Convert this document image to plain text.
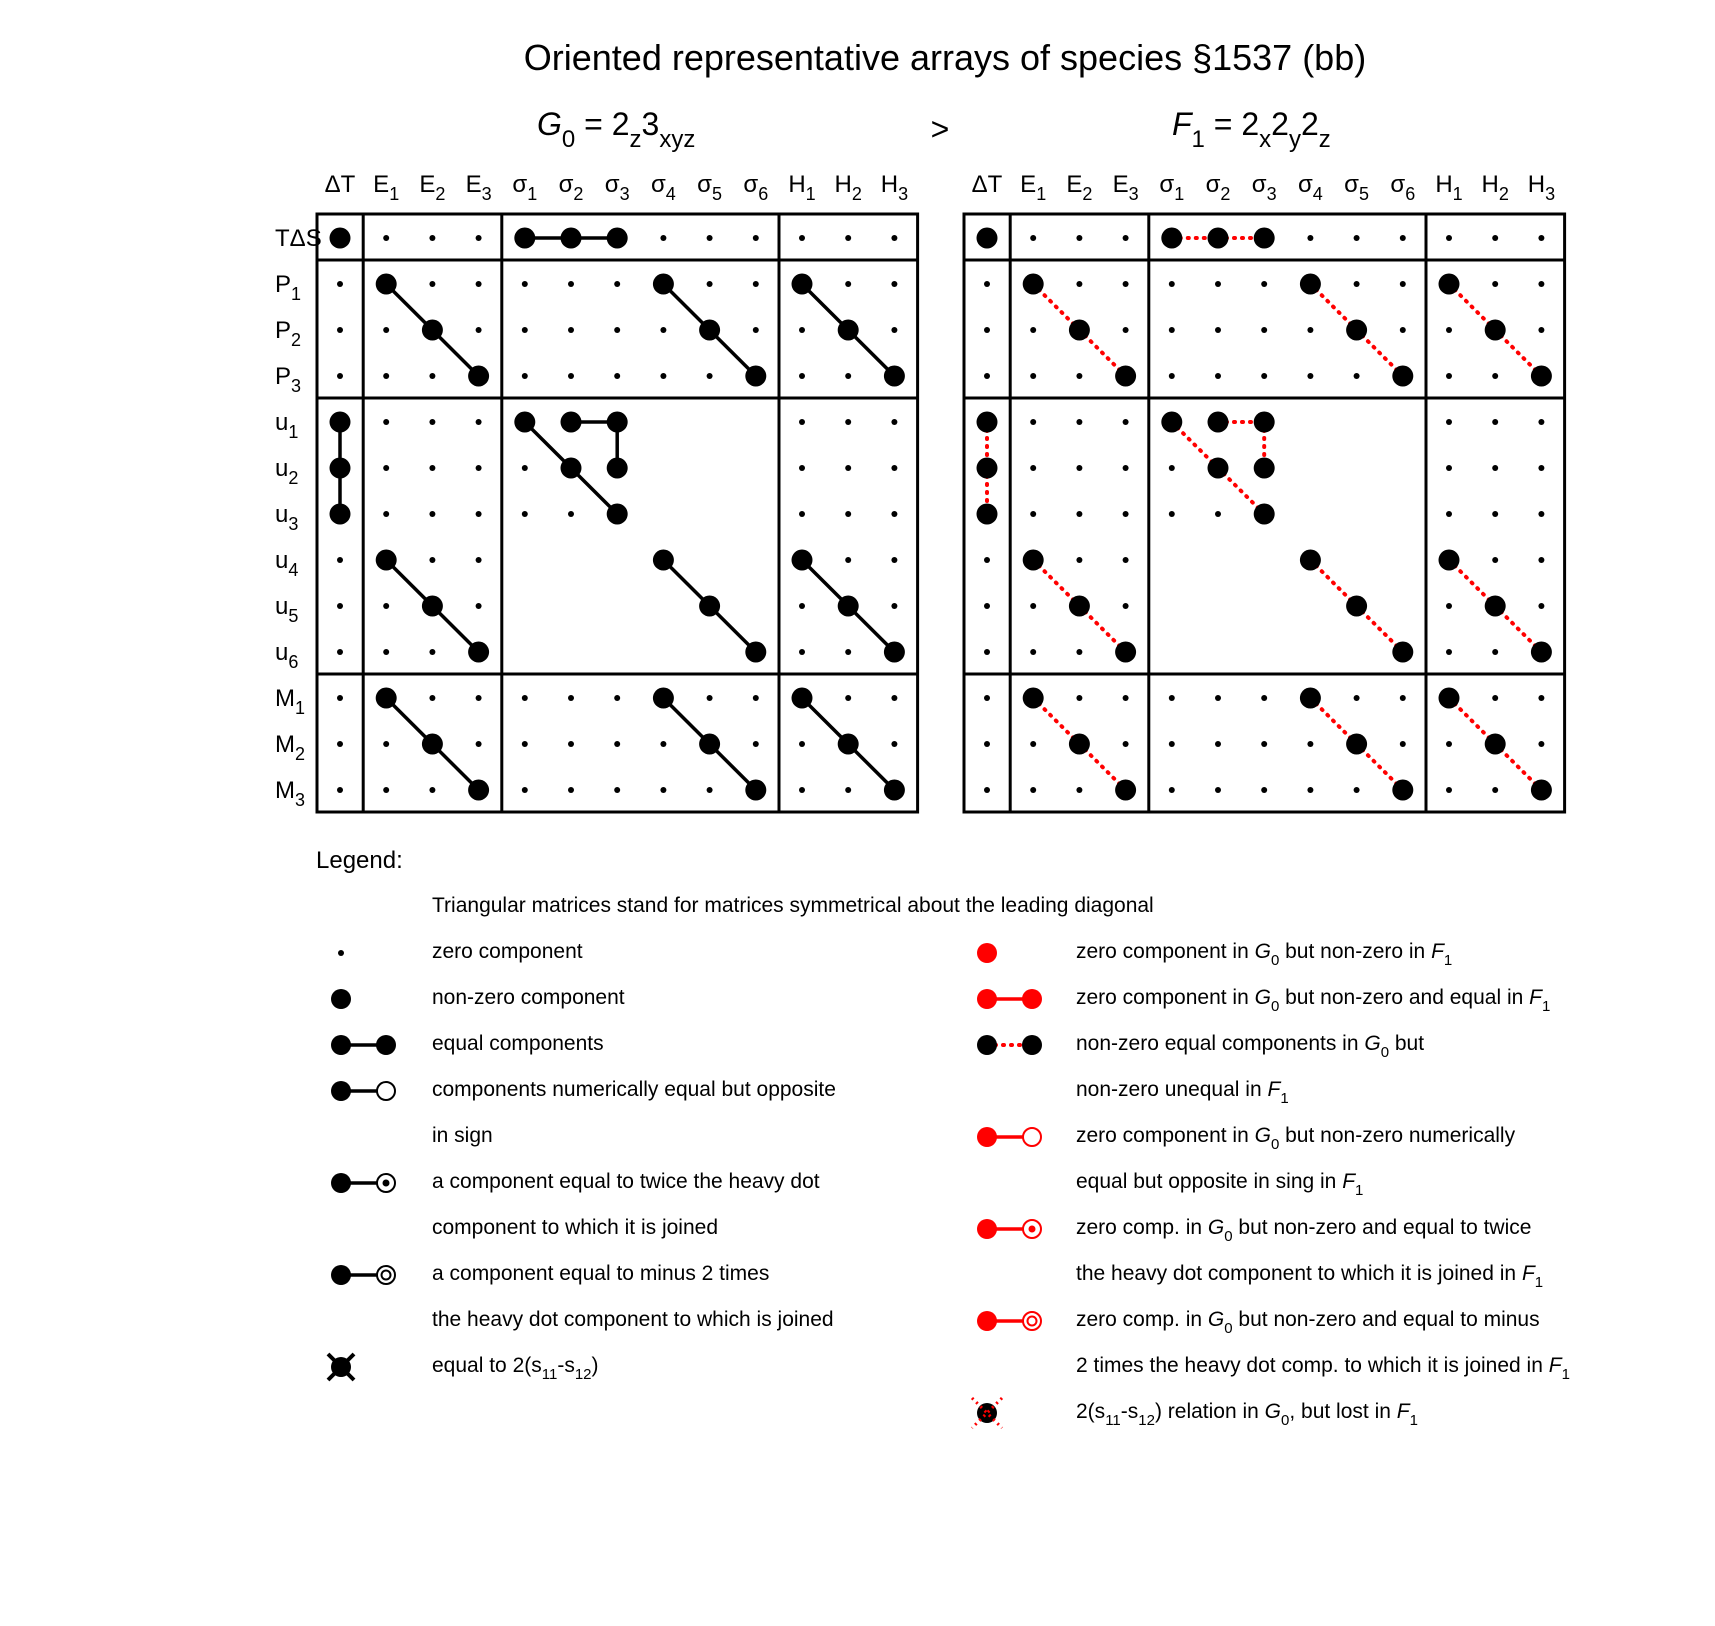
Oriented representative arrays of species §1537 (bb)
>
$G_0 = 2_z3_{xyz}$	$F_1 = 2_x2_y2_z$
ΔT $E_1$ $E_2$ $E_3$ $\sigma_1$ $\sigma_2$ $\sigma_3$ $\sigma_4$ $\sigma_5$ $\sigma_6$ $H_1$ $H_2$ $H_3$
TΔS
$P_1$
$P_2$
$P_3$
$u_1$
$u_2$
$u_3$
$u_4$
$u_5$
$u_6$
$M_1$
$M_2$
$M_3$
ΔT $E_1$ $E_2$ $E_3$ $\sigma_1$ $\sigma_2$ $\sigma_3$ $\sigma_4$ $\sigma_5$ $\sigma_6$ $H_1$ $H_2$ $H_3$
Legend:
Triangular matrices stand for matrices symmetrical about the leading diagonal
zero component
non-zero component
equal components
components numerically equal but opposite
in sign
a component equal to twice the heavy dot
component to which it is joined
a component equal to minus 2 times
the heavy dot component to which is joined
equal to $2(s_{11}-s_{12})$
zero component in $G_0$ but non-zero in $F_1$
zero component in $G_0$ but non-zero and equal in $F_1$
non-zero equal components in $G_0$ but
non-zero unequal in $F_1$
zero component in $G_0$ but non-zero numerically
equal but opposite in sing in $F_1$
zero comp. in $G_0$ but non-zero and equal to twice
the heavy dot component to which it is joined in $F_1$
zero comp. in $G_0$ but non-zero and equal to minus
2 times the heavy dot comp. to which it is joined in $F_1$
$2(s_{11}-s_{12})$ relation in $G_0$, but lost in $F_1$
